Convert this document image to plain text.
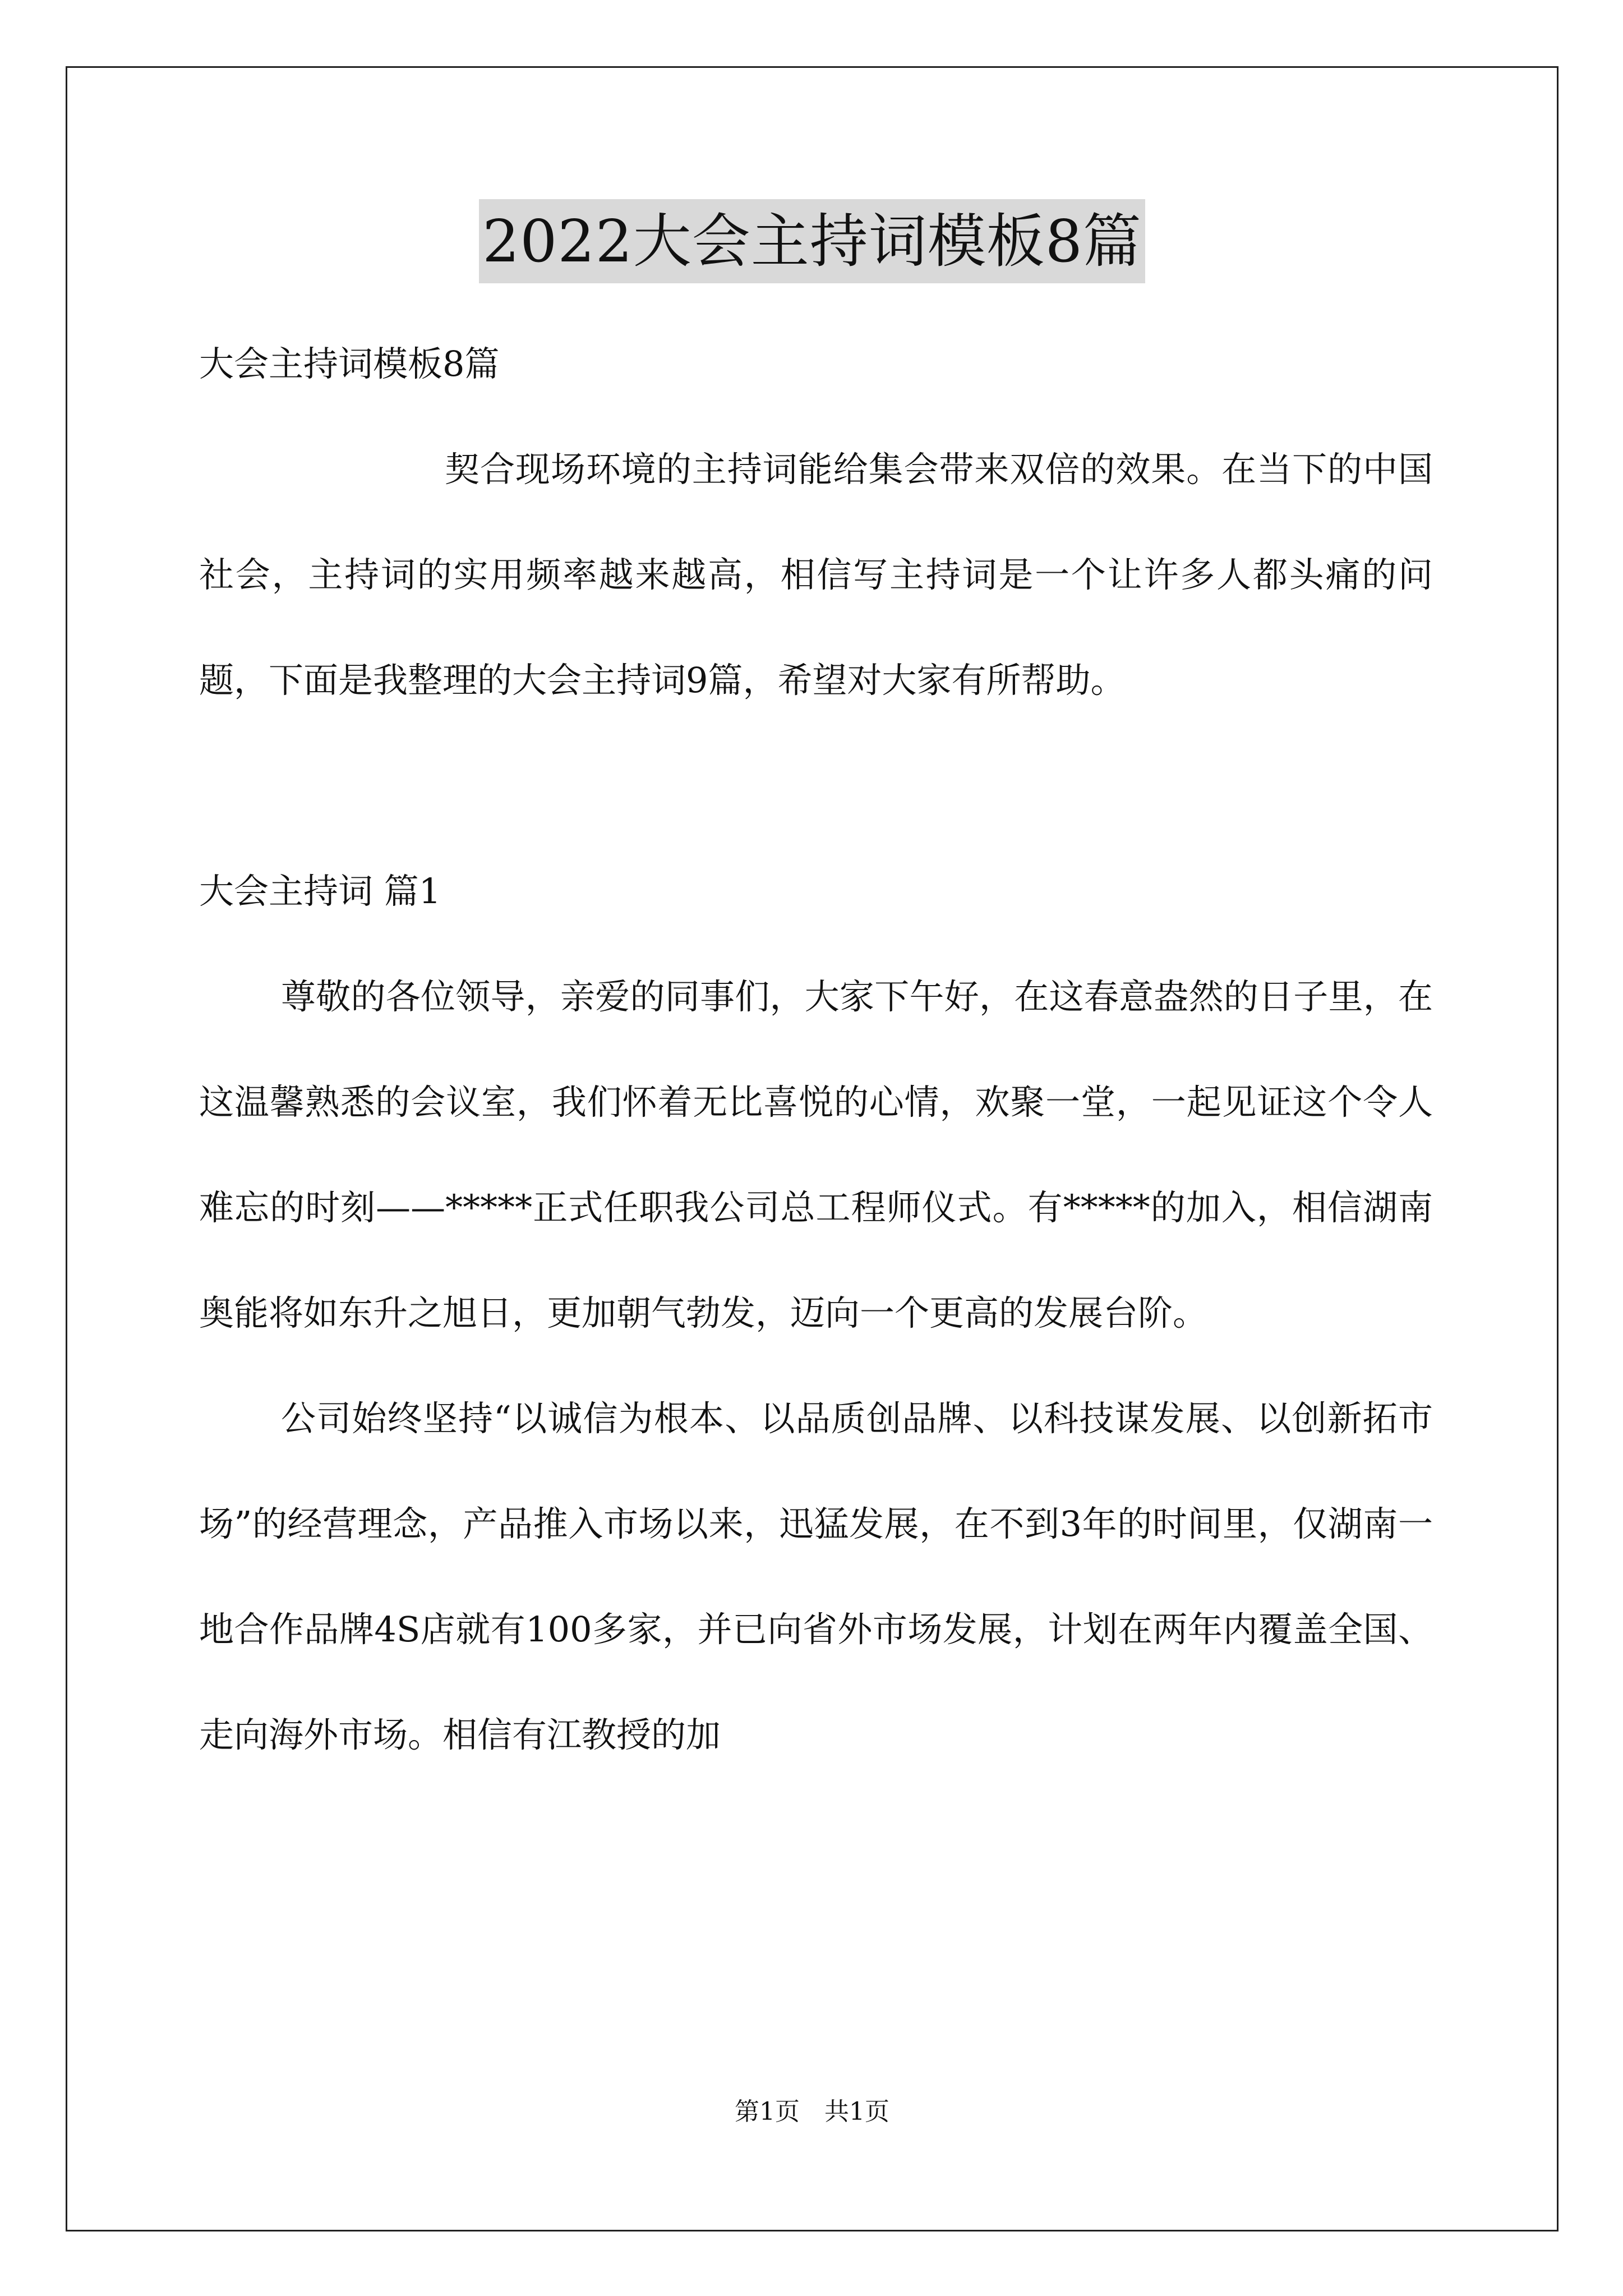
2022大会主持词模板8篇

大会主持词模板8篇

契合现场环境的主持词能给集会带来双倍的效果。在当下的中国社会，主持词的实用频率越来越高，相信写主持词是一个让许多人都头痛的问题，下面是我整理的大会主持词9篇，希望对大家有所帮助。

大会主持词 篇1

尊敬的各位领导，亲爱的同事们，大家下午好，在这春意盎然的日子里，在这温馨熟悉的会议室，我们怀着无比喜悦的心情，欢聚一堂，一起见证这个令人难忘的时刻——*****正式任职我公司总工程师仪式。有*****的加入，相信湖南奥能将如东升之旭日，更加朝气勃发，迈向一个更高的发展台阶。

公司始终坚持“以诚信为根本、以品质创品牌、以科技谋发展、以创新拓市场”的经营理念，产品推入市场以来，迅猛发展，在不到3年的时间里，仅湖南一地合作品牌4S店就有100多家，并已向省外市场发展，计划在两年内覆盖全国、走向海外市场。相信有江教授的加

第1页　共1页
